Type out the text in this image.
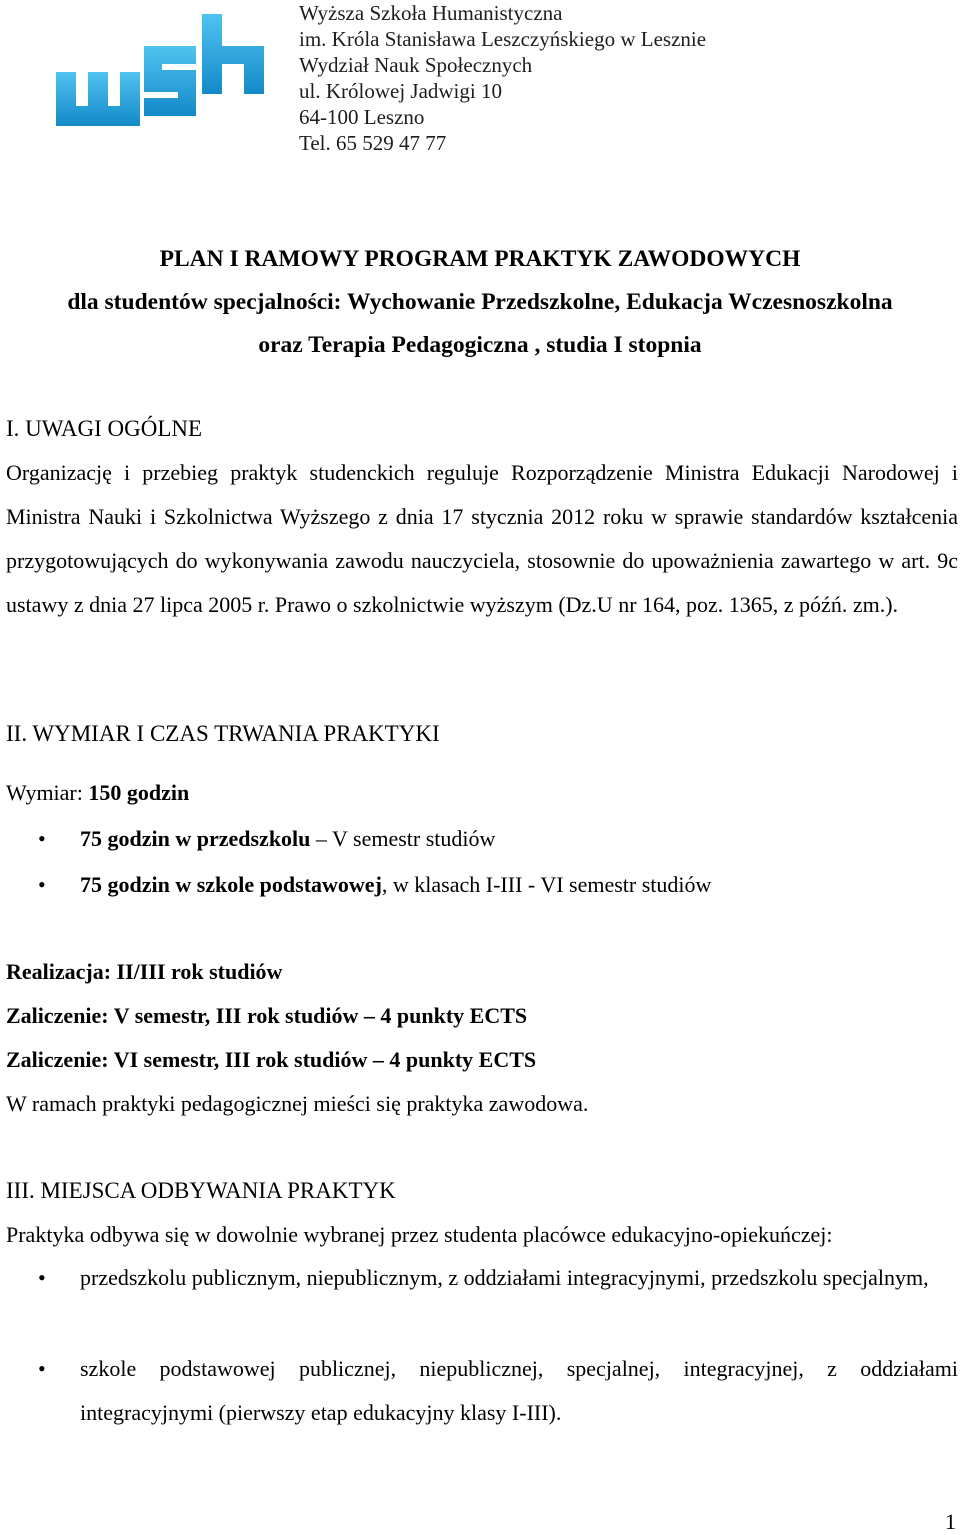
Wyższa Szkoła Humanistyczna
im. Króla Stanisława Leszczyńskiego w Lesznie
Wydział Nauk Społecznych
ul. Królowej Jadwigi 10
64-100 Leszno
Tel. 65 529 47 77
PLAN I RAMOWY PROGRAM PRAKTYK ZAWODOWYCH
dla studentów specjalności: Wychowanie Przedszkolne, Edukacja Wczesnoszkolna
oraz Terapia Pedagogiczna , studia I stopnia
I. UWAGI OGÓLNE

Organizację i przebieg praktyk studenckich reguluje Rozporządzenie Ministra Edukacji Narodowej i Ministra Nauki i Szkolnictwa Wyższego z dnia 17 stycznia 2012 roku w sprawie standardów kształcenia przygotowujących do wykonywania zawodu nauczyciela, stosownie do upoważnienia zawartego w art. 9c ustawy z dnia 27 lipca 2005 r. Prawo o szkolnictwie wyższym (Dz.U nr 164, poz. 1365, z późń. zm.).

II. WYMIAR I CZAS TRWANIA PRAKTYKI
Wymiar: 150 godzin
• 75 godzin w przedszkolu – V semestr studiów
• 75 godzin w szkole podstawowej, w klasach I-III - VI semestr studiów
Realizacja: II/III rok studiów
Zaliczenie: V semestr, III rok studiów – 4 punkty ECTS
Zaliczenie: VI semestr, III rok studiów – 4 punkty ECTS
W ramach praktyki pedagogicznej mieści się praktyka zawodowa.
III. MIEJSCA ODBYWANIA PRAKTYK
Praktyka odbywa się w dowolnie wybranej przez studenta placówce edukacyjno-opiekuńczej:
• przedszkolu publicznym, niepublicznym, z oddziałami integracyjnymi, przedszkolu specjalnym,
• szkole podstawowej publicznej, niepublicznej, specjalnej, integracyjnej, z oddziałami integracyjnymi (pierwszy etap edukacyjny klasy I-III).
1
